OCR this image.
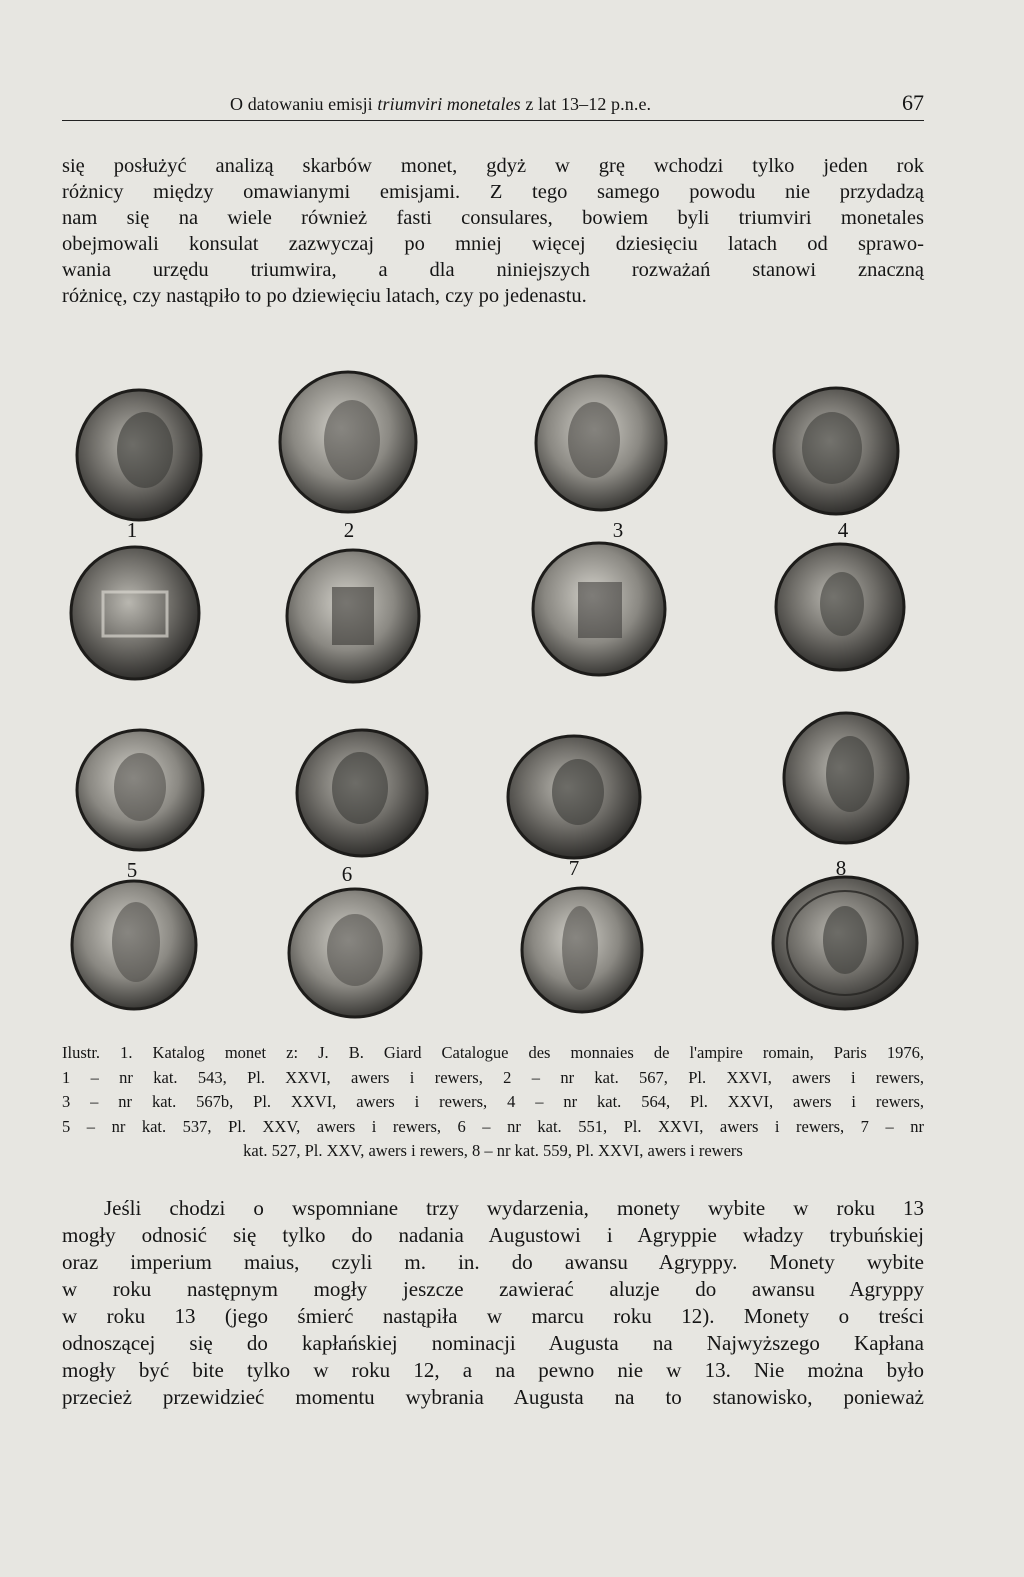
O datowaniu emisji triumviri monetales z lat 13–12 p.n.e.	67
się posłużyć analizą skarbów monet, gdyż w grę wchodzi tylko jeden rok
różnicy między omawianymi emisjami. Z tego samego powodu nie przydadzą
nam się na wiele również fasti consulares, bowiem byli triumviri monetales
obejmowali konsulat zazwyczaj po mniej więcej dziesięciu latach od sprawo-
wania urzędu triumwira, a dla niniejszych rozważań stanowi znaczną
różnicę, czy nastąpiło to po dziewięciu latach, czy po jedenastu.
1	2	3	4
5	6	7	8
Ilustr. 1. Katalog monet z: J. B. Giard Catalogue des monnaies de l'ampire romain, Paris 1976,
1 – nr kat. 543, Pl. XXVI, awers i rewers, 2 – nr kat. 567, Pl. XXVI, awers i rewers,
3 – nr kat. 567b, Pl. XXVI, awers i rewers, 4 – nr kat. 564, Pl. XXVI, awers i rewers,
5 – nr kat. 537, Pl. XXV, awers i rewers, 6 – nr kat. 551, Pl. XXVI, awers i rewers, 7 – nr
kat. 527, Pl. XXV, awers i rewers, 8 – nr kat. 559, Pl. XXVI, awers i rewers
Jeśli chodzi o wspomniane trzy wydarzenia, monety wybite w roku 13
mogły odnosić się tylko do nadania Augustowi i Agryppie władzy trybuńskiej
oraz imperium maius, czyli m. in. do awansu Agryppy. Monety wybite
w roku następnym mogły jeszcze zawierać aluzje do awansu Agryppy
w roku 13 (jego śmierć nastąpiła w marcu roku 12). Monety o treści
odnoszącej się do kapłańskiej nominacji Augusta na Najwyższego Kapłana
mogły być bite tylko w roku 12, a na pewno nie w 13. Nie można było
przecież przewidzieć momentu wybrania Augusta na to stanowisko, ponieważ
